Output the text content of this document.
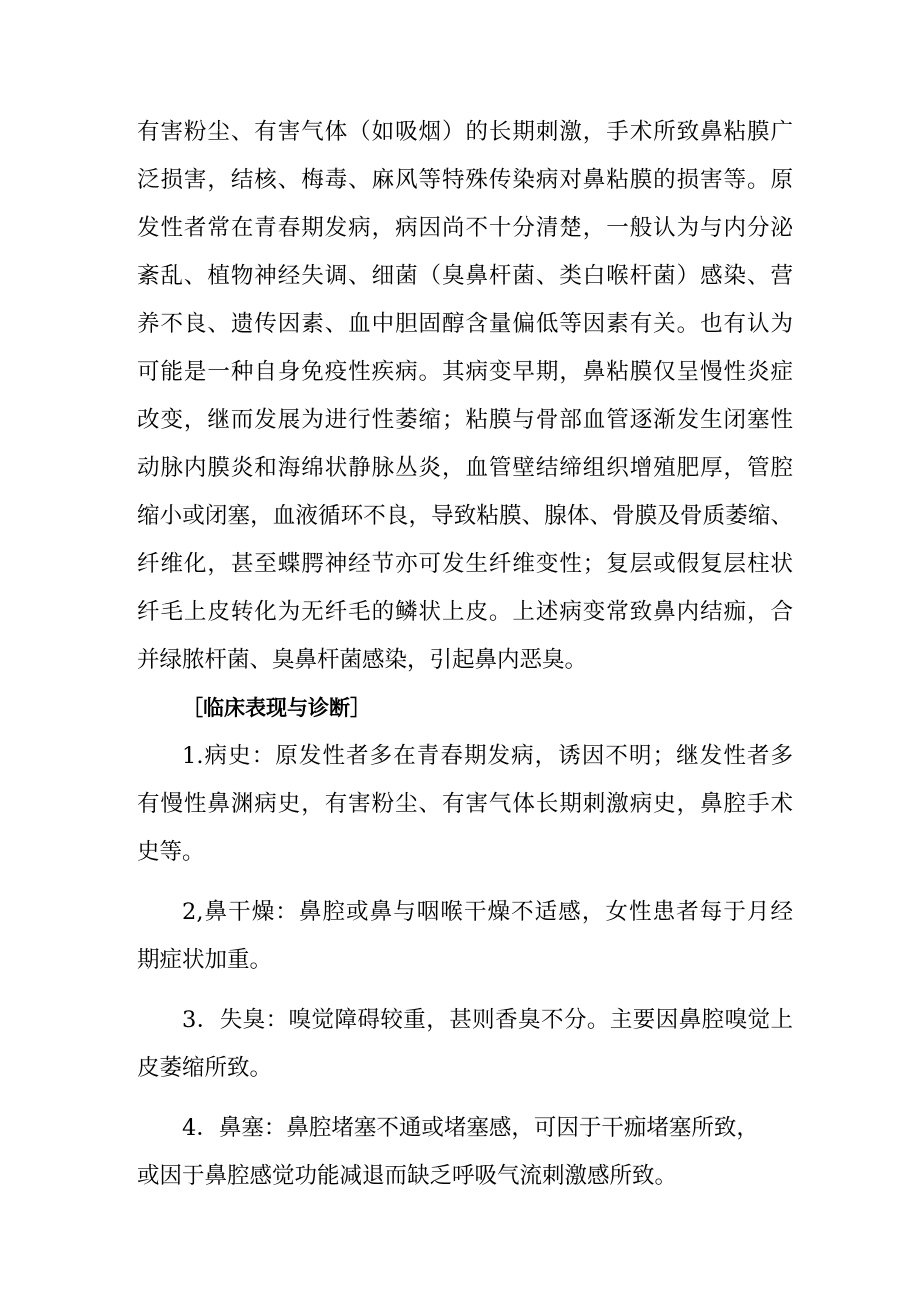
有害粉尘、有害气体（如吸烟）的长期刺激，手术所致鼻粘膜广
泛损害，结核、梅毒、麻风等特殊传染病对鼻粘膜的损害等。原
发性者常在青春期发病，病因尚不十分清楚，一般认为与内分泌
紊乱、植物神经失调、细菌（臭鼻杆菌、类白喉杆菌）感染、营
养不良、遗传因素、血中胆固醇含量偏低等因素有关。也有认为
可能是一种自身免疫性疾病。其病变早期，鼻粘膜仅呈慢性炎症
改变，继而发展为进行性萎缩；粘膜与骨部血管逐渐发生闭塞性
动脉内膜炎和海绵状静脉丛炎，血管壁结缔组织增殖肥厚，管腔
缩小或闭塞，血液循环不良，导致粘膜、腺体、骨膜及骨质萎缩、
纤维化，甚至蝶腭神经节亦可发生纤维变性；复层或假复层柱状
纤毛上皮转化为无纤毛的鳞状上皮。上述病变常致鼻内结痂，合
并绿脓杆菌、臭鼻杆菌感染，引起鼻内恶臭。
［临床表现与诊断］
1.病史：原发性者多在青春期发病，诱因不明；继发性者多
有慢性鼻渊病史，有害粉尘、有害气体长期刺激病史，鼻腔手术
史等。
2,鼻干燥：鼻腔或鼻与咽喉干燥不适感，女性患者每于月经
期症状加重。
3．失臭：嗅觉障碍较重，甚则香臭不分。主要因鼻腔嗅觉上
皮萎缩所致。
4．鼻塞：鼻腔堵塞不通或堵塞感，可因于干痂堵塞所致，
或因于鼻腔感觉功能减退而缺乏呼吸气流刺激感所致。
